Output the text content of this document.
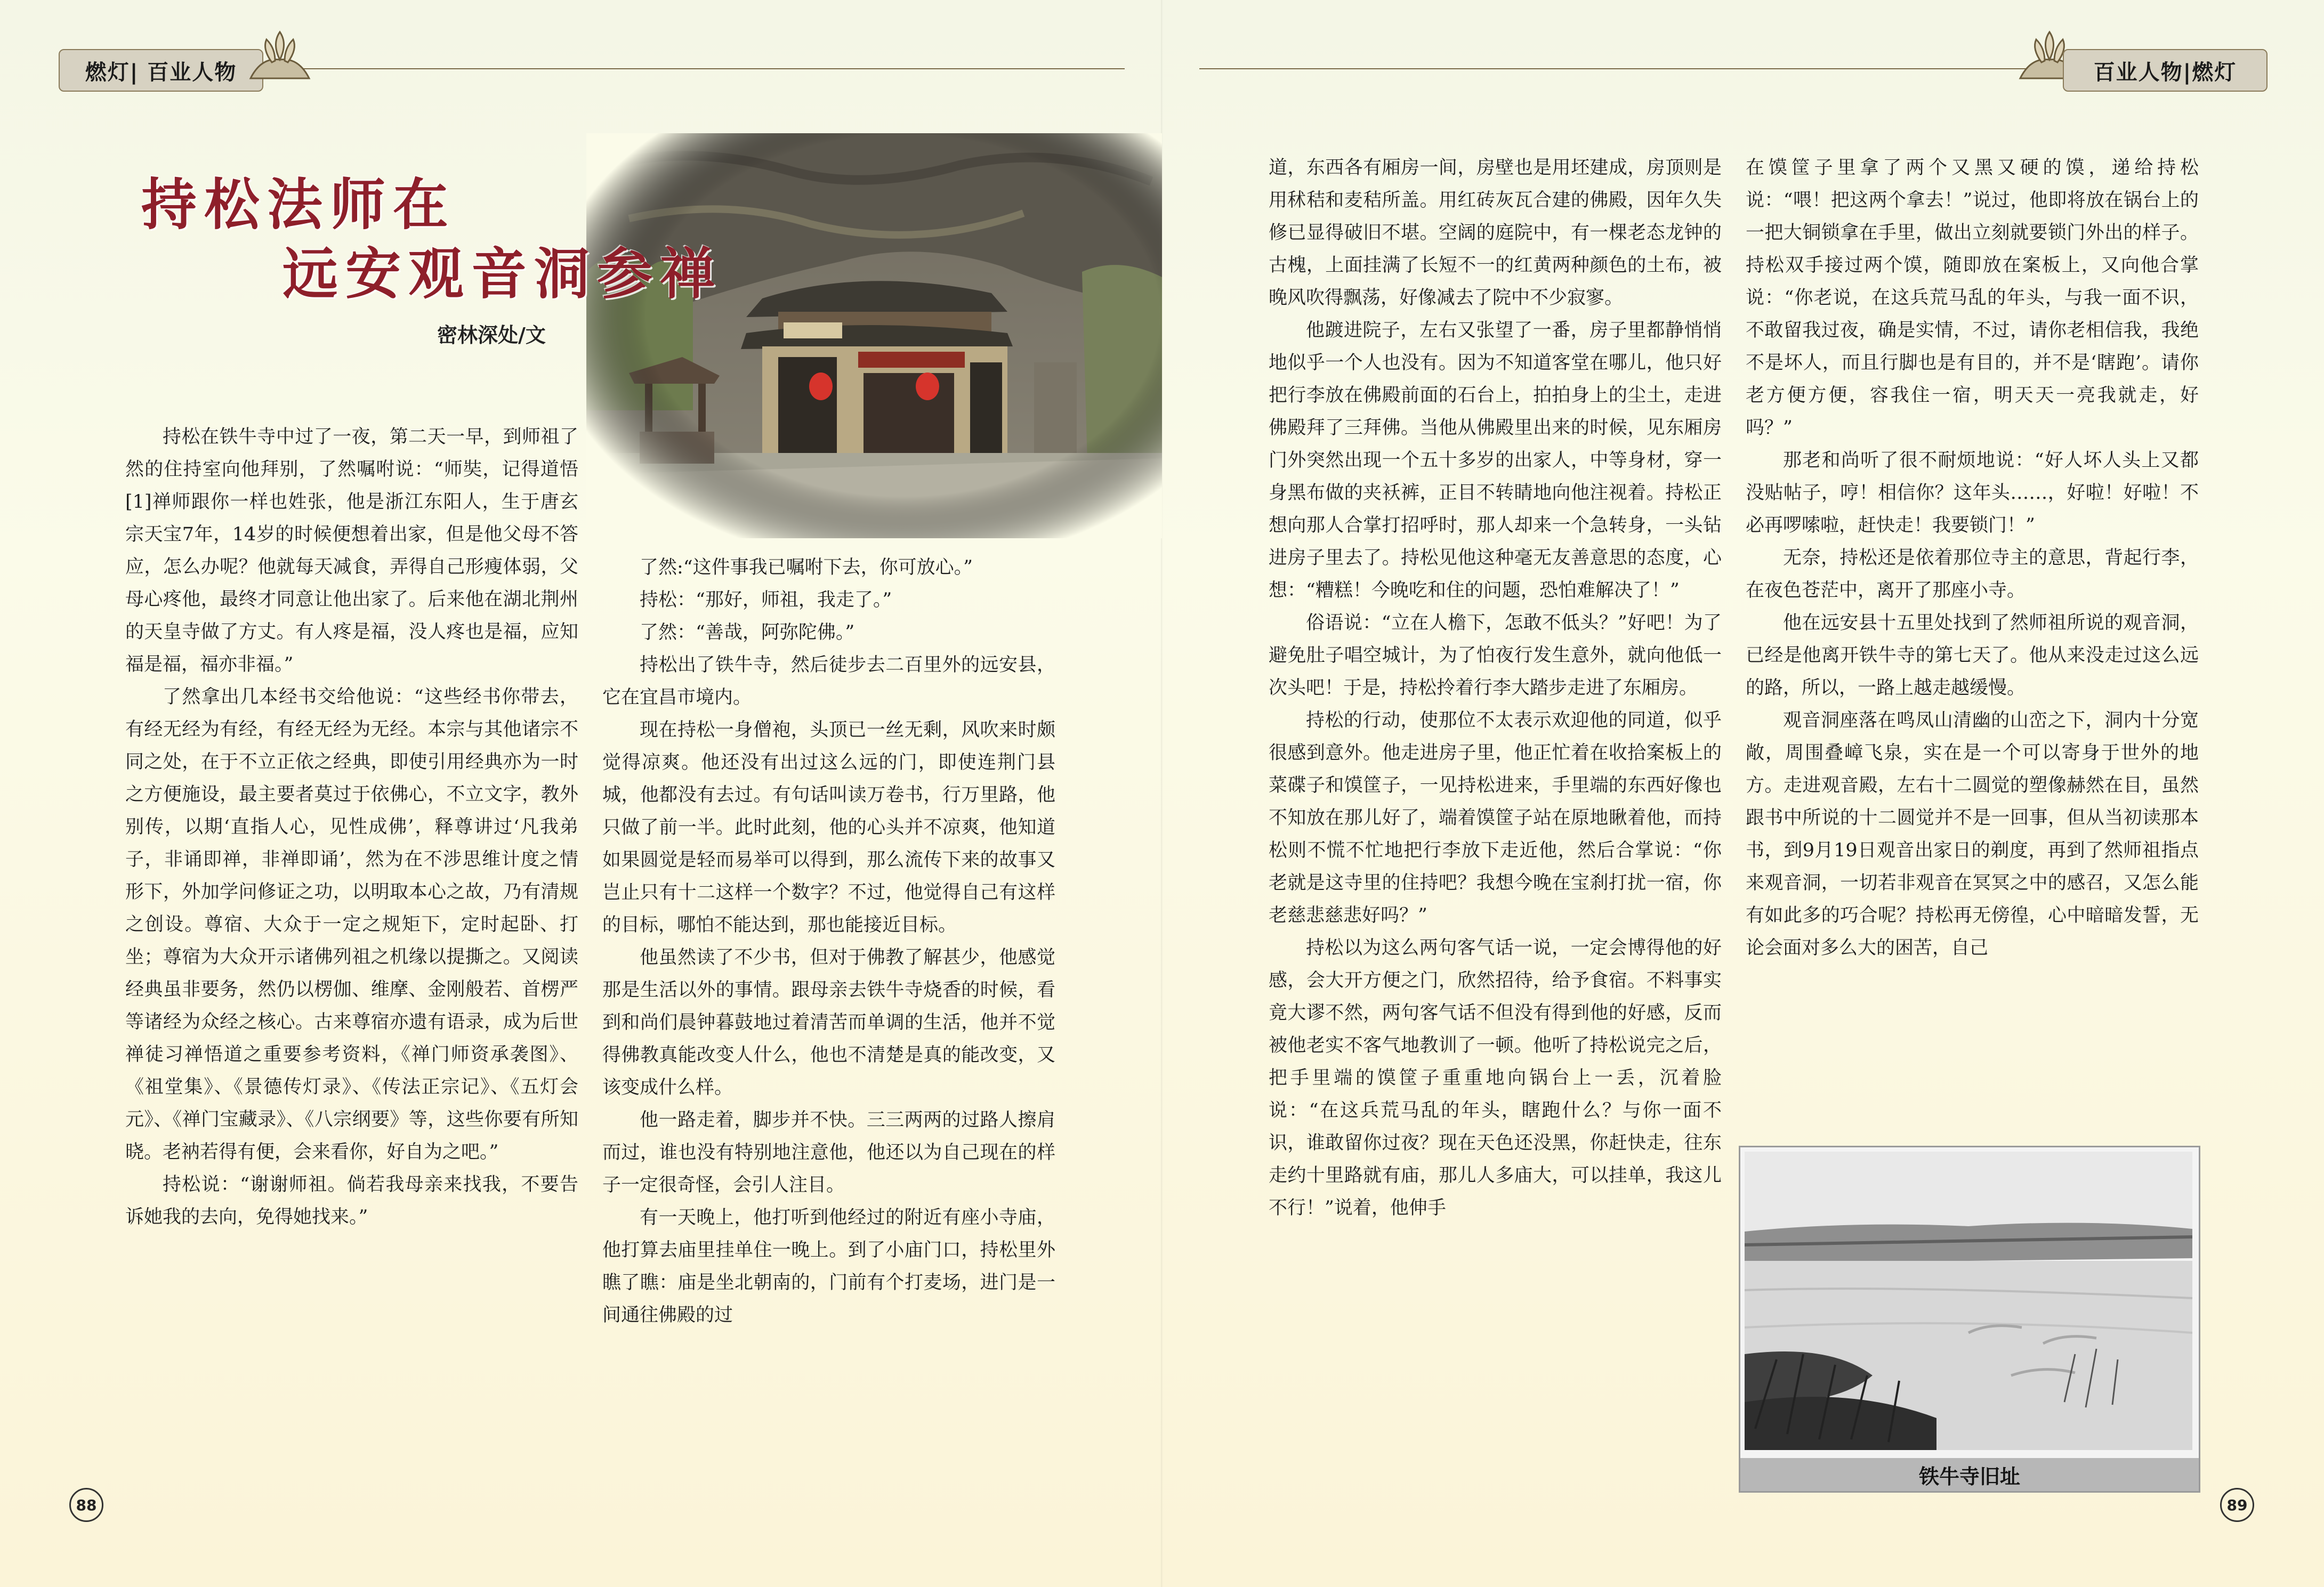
燃灯| 百业人物	百业人物|燃灯
持松法师在
远安观音洞参禅
密林深处/文

持松在铁牛寺中过了一夜，第二天一早，到师祖了然的住持室向他拜别，了然嘱咐说：“师奘，记得道悟[1]禅师跟你一样也姓张，他是浙江东阳人，生于唐玄宗天宝7年，14岁的时候便想着出家，但是他父母不答应，怎么办呢？他就每天减食，弄得自己形瘦体弱，父母心疼他，最终才同意让他出家了。后来他在湖北荆州的天皇寺做了方丈。有人疼是福，没人疼也是福，应知福是福，福亦非福。”

了然拿出几本经书交给他说：“这些经书你带去，有经无经为有经，有经无经为无经。本宗与其他诸宗不同之处，在于不立正依之经典，即使引用经典亦为一时之方便施设，最主要者莫过于依佛心，不立文字，教外别传，以期‘直指人心，见性成佛’，释尊讲过‘凡我弟子，非诵即禅，非禅即诵’，然为在不涉思维计度之情形下，外加学问修证之功，以明取本心之故，乃有清规之创设。尊宿、大众于一定之规矩下，定时起卧、打坐；尊宿为大众开示诸佛列祖之机缘以提撕之。又阅读经典虽非要务，然仍以楞伽、维摩、金刚般若、首楞严等诸经为众经之核心。古来尊宿亦遗有语录，成为后世禅徒习禅悟道之重要参考资料，《禅门师资承袭图》、《祖堂集》、《景德传灯录》、《传法正宗记》、《五灯会元》、《禅门宝藏录》、《八宗纲要》等，这些你要有所知晓。老衲若得有便，会来看你，好自为之吧。”

持松说：“谢谢师祖。倘若我母亲来找我，不要告诉她我的去向，免得她找来。”

了然:“这件事我已嘱咐下去，你可放心。”

持松：“那好，师祖，我走了。”

了然：“善哉，阿弥陀佛。”

持松出了铁牛寺，然后徒步去二百里外的远安县，它在宜昌市境内。

现在持松一身僧袍，头顶已一丝无剩，风吹来时颇觉得凉爽。他还没有出过这么远的门，即使连荆门县城，他都没有去过。有句话叫读万卷书，行万里路，他只做了前一半。此时此刻，他的心头并不凉爽，他知道如果圆觉是轻而易举可以得到，那么流传下来的故事又岂止只有十二这样一个数字？不过，他觉得自己有这样的目标，哪怕不能达到，那也能接近目标。

他虽然读了不少书，但对于佛教了解甚少，他感觉那是生活以外的事情。跟母亲去铁牛寺烧香的时候，看到和尚们晨钟暮鼓地过着清苦而单调的生活，他并不觉得佛教真能改变人什么，他也不清楚是真的能改变，又该变成什么样。

他一路走着，脚步并不快。三三两两的过路人擦肩而过，谁也没有特别地注意他，他还以为自己现在的样子一定很奇怪，会引人注目。

有一天晚上，他打听到他经过的附近有座小寺庙，他打算去庙里挂单住一晚上。到了小庙门口，持松里外瞧了瞧：庙是坐北朝南的，门前有个打麦场，进门是一间通往佛殿的过

道，东西各有厢房一间，房壁也是用坯建成，房顶则是用秫秸和麦秸所盖。用红砖灰瓦合建的佛殿，因年久失修已显得破旧不堪。空阔的庭院中，有一棵老态龙钟的古槐，上面挂满了长短不一的红黄两种颜色的土布，被晚风吹得飘荡，好像减去了院中不少寂寥。

他踱进院子，左右又张望了一番，房子里都静悄悄地似乎一个人也没有。因为不知道客堂在哪儿，他只好把行李放在佛殿前面的石台上，拍拍身上的尘土，走进佛殿拜了三拜佛。当他从佛殿里出来的时候，见东厢房门外突然出现一个五十多岁的出家人，中等身材，穿一身黑布做的夹袄裤，正目不转睛地向他注视着。持松正想向那人合掌打招呼时，那人却来一个急转身，一头钻进房子里去了。持松见他这种毫无友善意思的态度，心想：“糟糕！今晚吃和住的问题，恐怕难解决了！”

俗语说：“立在人檐下，怎敢不低头？”好吧！为了避免肚子唱空城计，为了怕夜行发生意外，就向他低一次头吧！于是，持松拎着行李大踏步走进了东厢房。

持松的行动，使那位不太表示欢迎他的同道，似乎很感到意外。他走进房子里，他正忙着在收拾案板上的菜碟子和馍筐子，一见持松进来，手里端的东西好像也不知放在那儿好了，端着馍筐子站在原地瞅着他，而持松则不慌不忙地把行李放下走近他，然后合掌说：“你老就是这寺里的住持吧？我想今晚在宝刹打扰一宿，你老慈悲慈悲好吗？”

持松以为这么两句客气话一说，一定会博得他的好感，会大开方便之门，欣然招待，给予食宿。不料事实竟大谬不然，两句客气话不但没有得到他的好感，反而被他老实不客气地教训了一顿。他听了持松说完之后，把手里端的馍筐子重重地向锅台上一丢，沉着脸说：“在这兵荒马乱的年头，瞎跑什么？与你一面不识，谁敢留你过夜？现在天色还没黑，你赶快走，往东走约十里路就有庙，那儿人多庙大，可以挂单，我这儿不行！”说着，他伸手

在馍筐子里拿了两个又黑又硬的馍，递给持松说：“喂！把这两个拿去！”说过，他即将放在锅台上的一把大铜锁拿在手里，做出立刻就要锁门外出的样子。持松双手接过两个馍，随即放在案板上，又向他合掌说：“你老说，在这兵荒马乱的年头，与我一面不识，不敢留我过夜，确是实情，不过，请你老相信我，我绝不是坏人，而且行脚也是有目的，并不是‘瞎跑’。请你老方便方便，容我住一宿，明天天一亮我就走，好吗？”

那老和尚听了很不耐烦地说：“好人坏人头上又都没贴帖子，哼！相信你？这年头……，好啦！好啦！不必再啰嗦啦，赶快走！我要锁门！”

无奈，持松还是依着那位寺主的意思，背起行李，在夜色苍茫中，离开了那座小寺。

他在远安县十五里处找到了然师祖所说的观音洞，已经是他离开铁牛寺的第七天了。他从来没走过这么远的路，所以，一路上越走越缓慢。

观音洞座落在鸣凤山清幽的山峦之下，洞内十分宽敞，周围叠嶂飞泉，实在是一个可以寄身于世外的地方。走进观音殿，左右十二圆觉的塑像赫然在目，虽然跟书中所说的十二圆觉并不是一回事，但从当初读那本书，到9月19日观音出家日的剃度，再到了然师祖指点来观音洞，一切若非观音在冥冥之中的感召，又怎么能有如此多的巧合呢？持松再无傍徨，心中暗暗发誓，无论会面对多么大的困苦，自己

铁牛寺旧址
88	89
